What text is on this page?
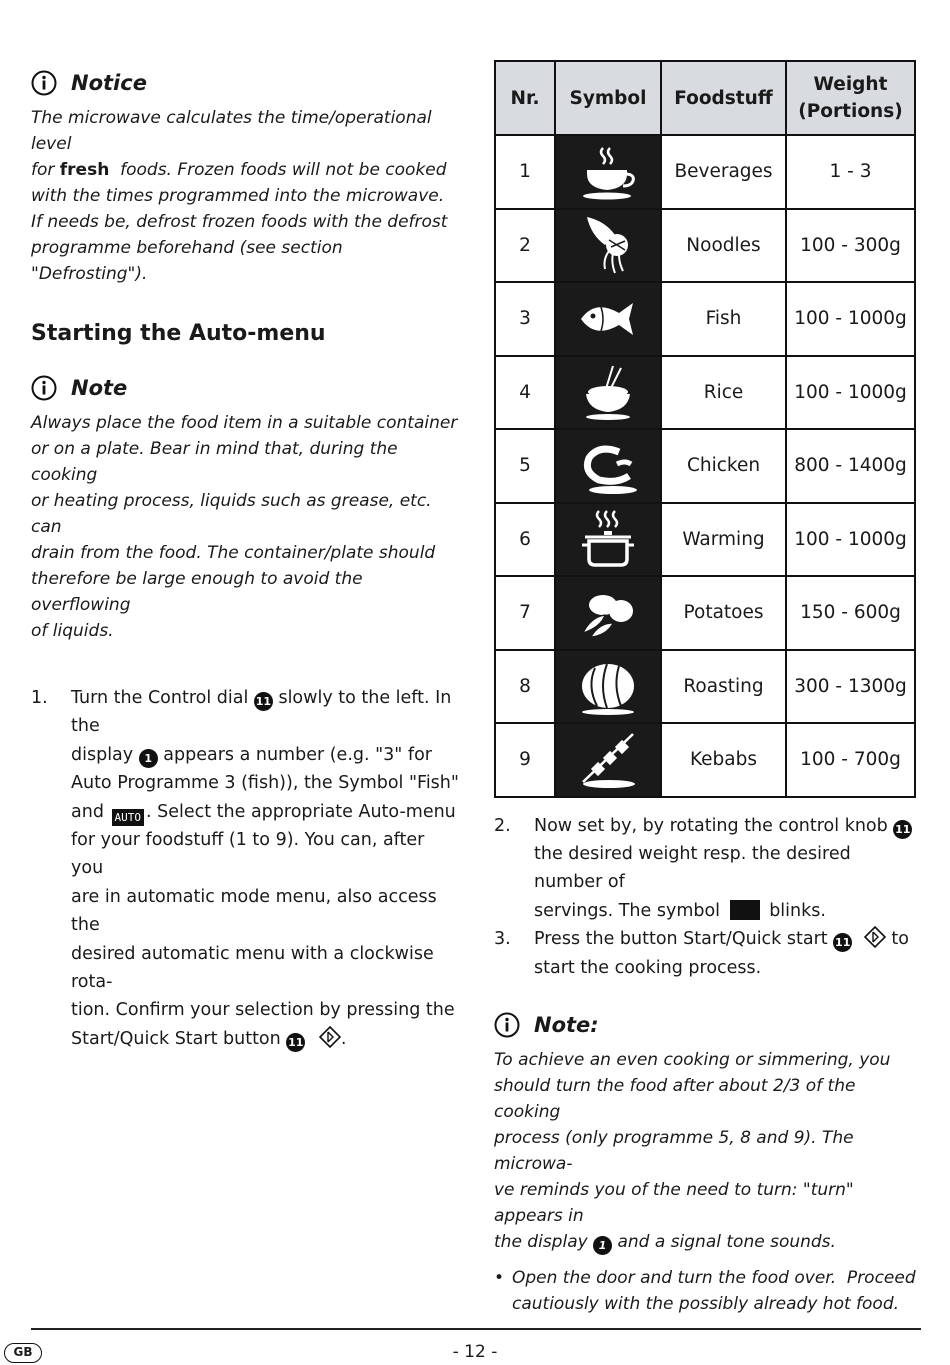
Notice
The microwave calculates the time/operational level
for fresh  foods. Frozen foods will not be cooked
with the times programmed into the microwave.
If needs be, defrost frozen foods with the defrost
programme beforehand (see section "Defrosting").
Starting the Auto-menu
Note
Always place the food item in a suitable container
or on a plate. Bear in mind that, during the cooking
or heating process, liquids such as grease, etc. can
drain from the food. The container/plate should
therefore be large enough to avoid the overflowing
of liquids.
1.	Turn the Control dial 11 slowly to the left. In the
display 1 appears a number (e.g. "3" for
Auto Programme 3 (fish)), the Symbol "Fish"
and AUTO . Select the appropriate Auto-menu
for your foodstuff (1 to 9). You can, after you
are in automatic mode menu, also access the
desired automatic menu with a clockwise rota-
tion. Confirm your selection by pressing the
Start/Quick Start button 11 .
Nr.	Symbol	Foodstuff	Weight
(Portions)
1		Beverages	1 - 3
2		Noodles	100 - 300g
3		Fish	100 - 1000g
4		Rice	100 - 1000g
5		Chicken	800 - 1400g
6		Warming	100 - 1000g
7		Potatoes	150 - 600g
8		Roasting	300 - 1300g
9		Kebabs	100 - 700g
2.	Now set by, by rotating the control knob 11
the desired weight resp. the desired number of
servings. The symbol  blinks.
3.	Press the button Start/Quick start 11  to
start the cooking process.
Note:
To achieve an even cooking or simmering, you
should turn the food after about 2/3 of the cooking
process (only programme 5, 8 and 9). The microwa-
ve reminds you of the need to turn: "turn" appears in
the display 1 and a signal tone sounds.
• Open the door and turn the food over.  Proceed
cautiously with the possibly already hot food.
GB	- 12 -
